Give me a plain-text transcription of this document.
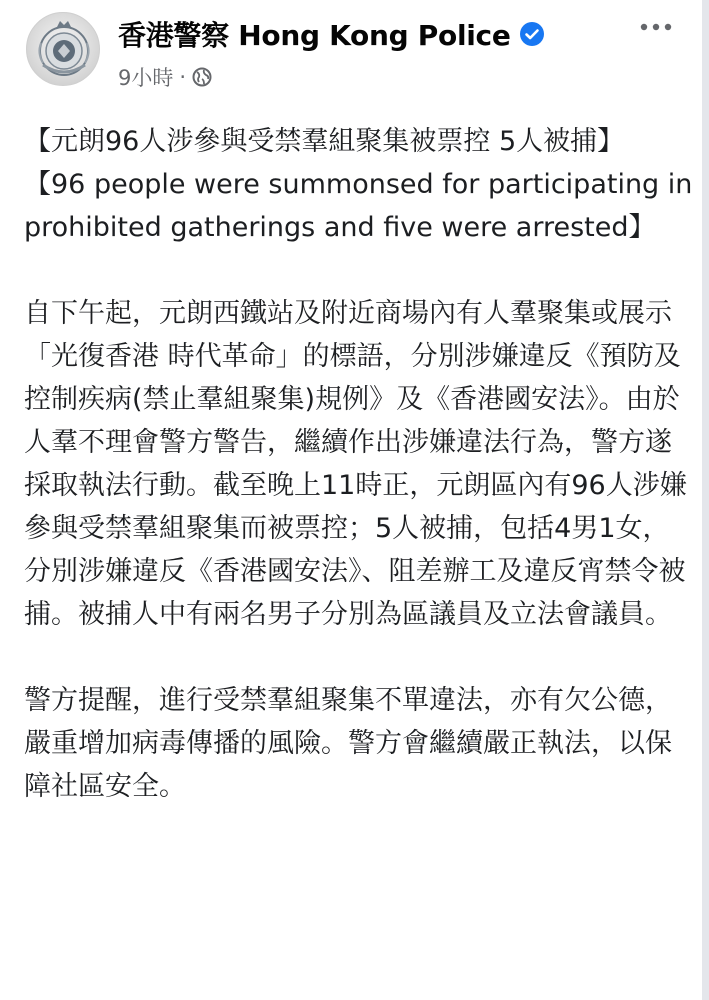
香港警察 Hong Kong Police
9小時 ·

【元朗96人涉參與受禁羣組聚集被票控 5人被捕】

【96 people were summonsed for participating in prohibited gatherings and five were arrested】

自下午起，元朗西鐵站及附近商場內有人羣聚集或展示「光復香港 時代革命」的標語，分別涉嫌違反《預防及控制疾病(禁止羣組聚集)規例》及《香港國安法》。由於人羣不理會警方警告，繼續作出涉嫌違法行為，警方遂採取執法行動。截至晚上11時正，元朗區內有96人涉嫌參與受禁羣組聚集而被票控；5人被捕，包括4男1女，分別涉嫌違反《香港國安法》、阻差辦工及違反宵禁令被捕。被捕人中有兩名男子分別為區議員及立法會議員。

警方提醒，進行受禁羣組聚集不單違法，亦有欠公德，嚴重增加病毒傳播的風險。警方會繼續嚴正執法，以保障社區安全。
